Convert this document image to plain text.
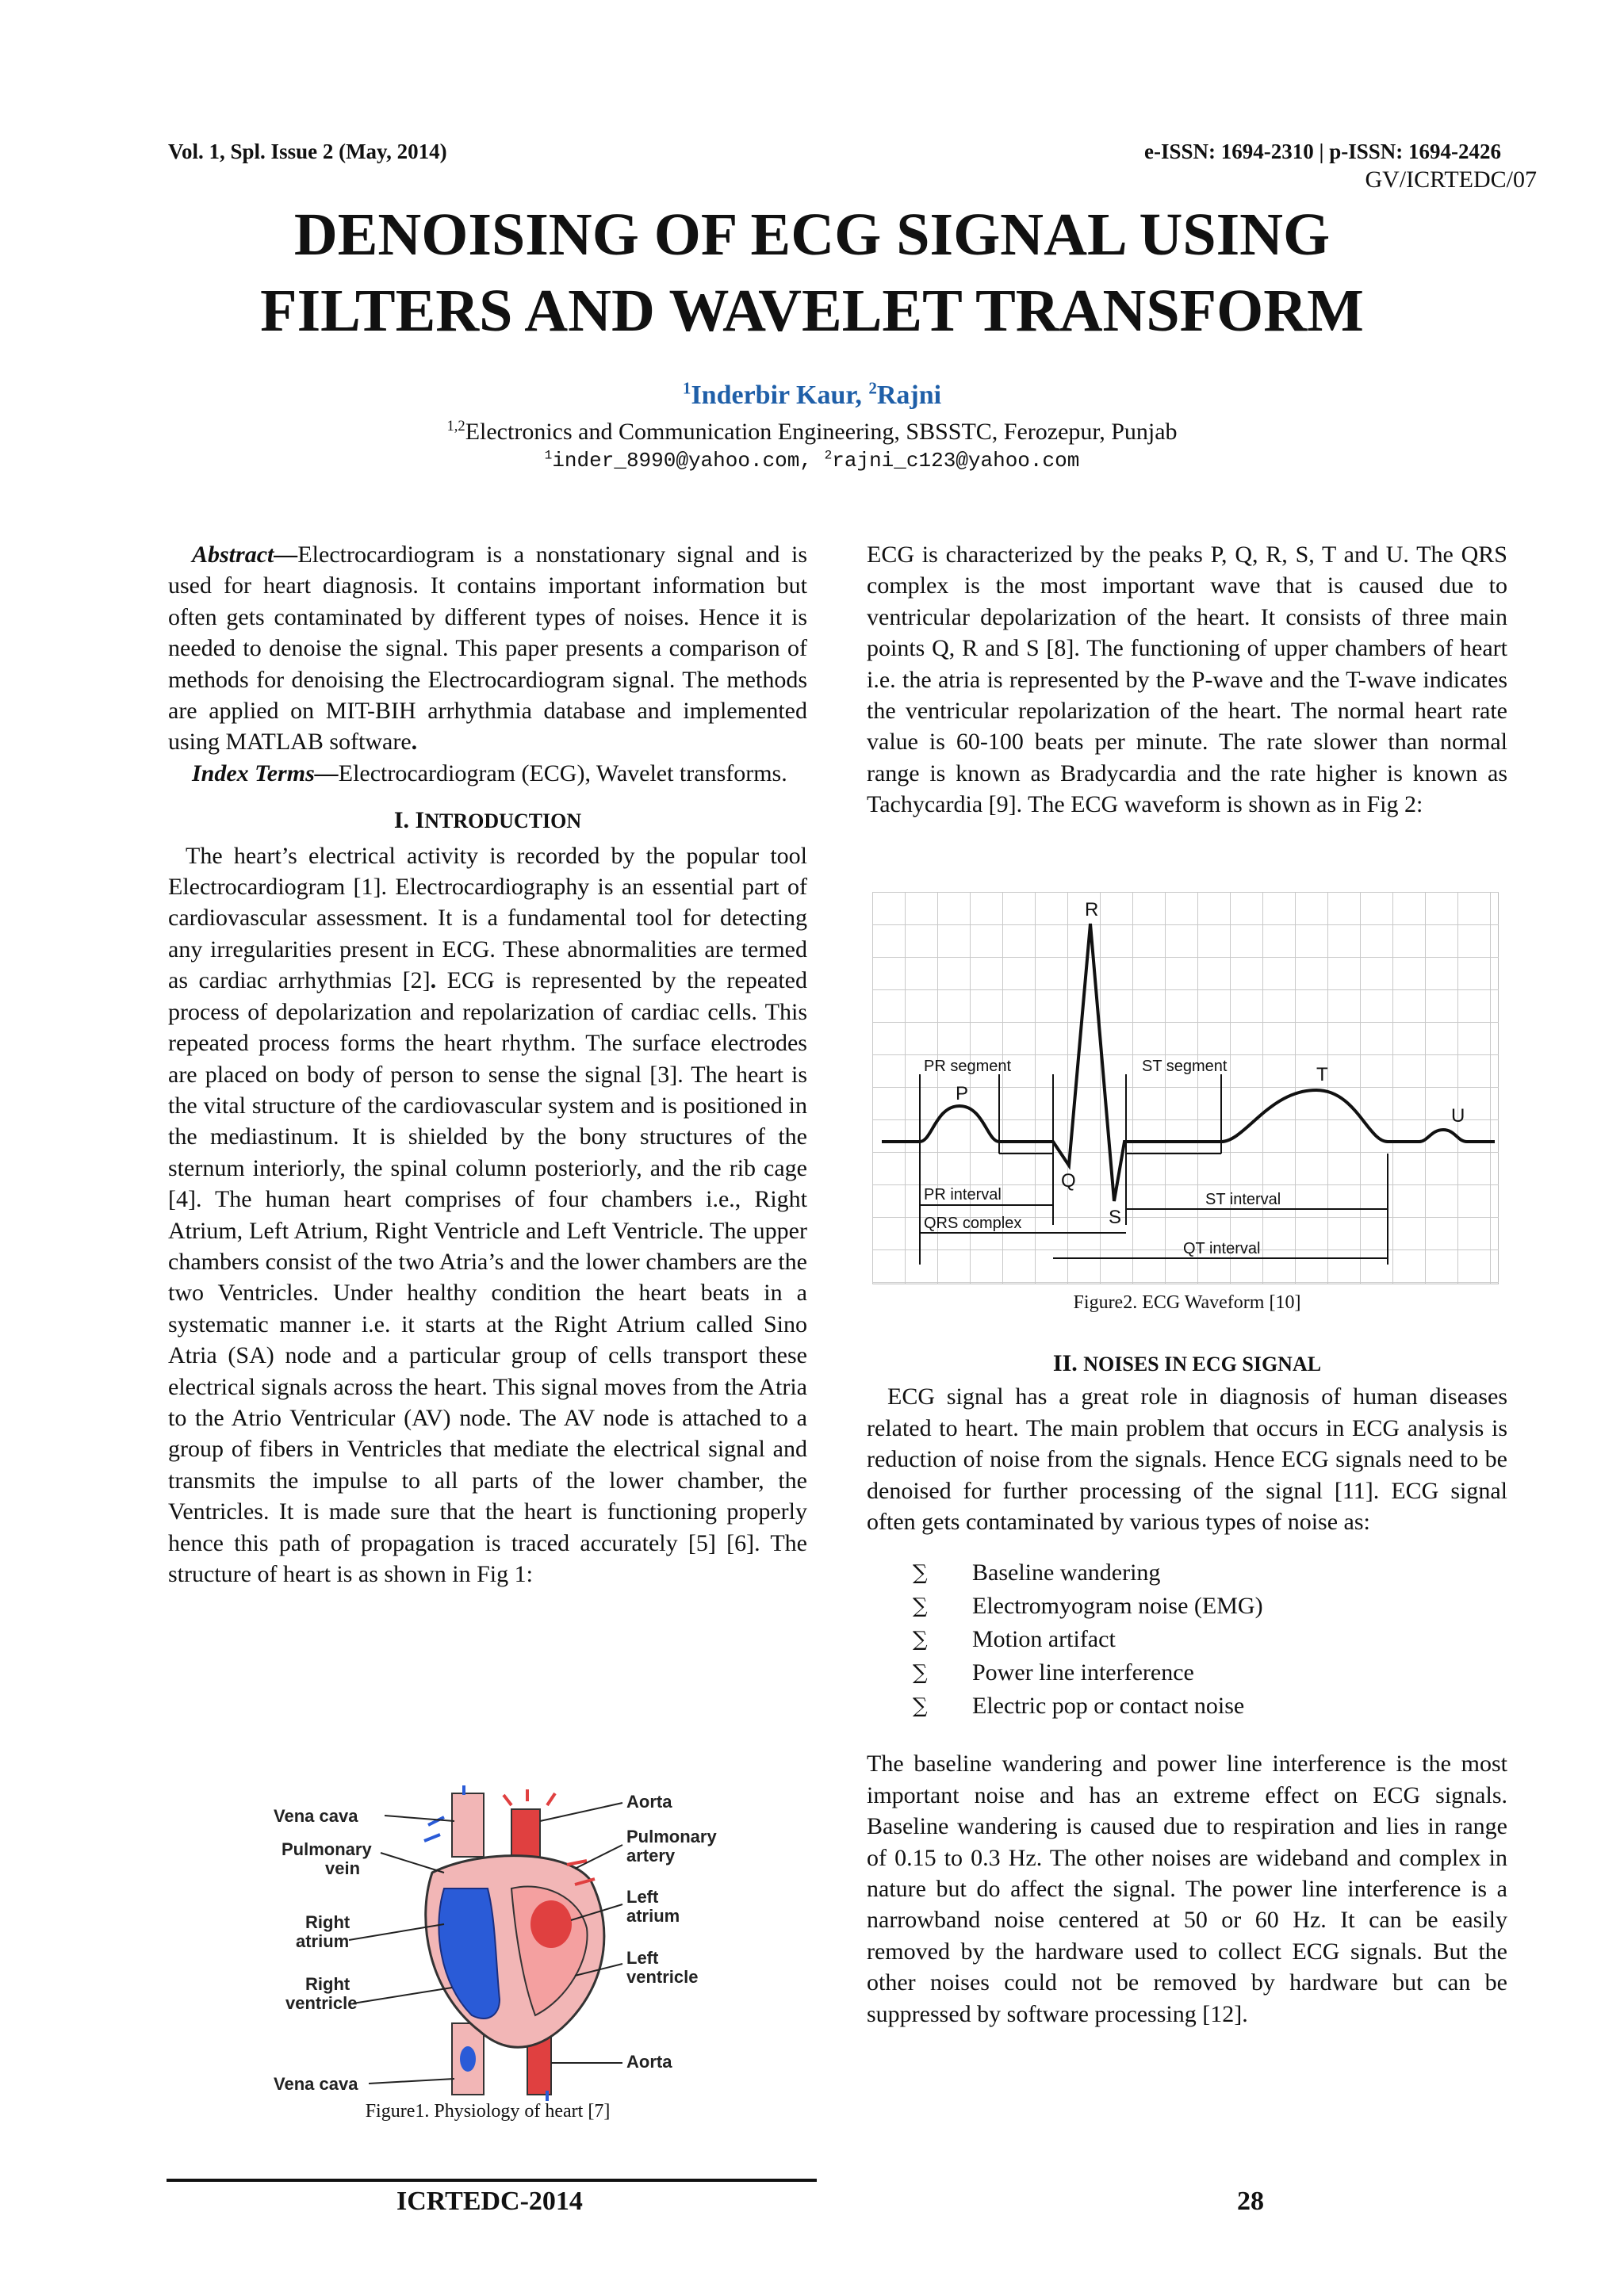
Vol. 1, Spl. Issue 2 (May, 2014)	e-ISSN: 1694-2310 | p-ISSN: 1694-2426
GV/ICRTEDC/07
DENOISING OF ECG SIGNAL USING
FILTERS AND WAVELET TRANSFORM
$^1$Inderbir Kaur, $^2$Rajni
$^{1,2}$Electronics and Communication Engineering, SBSSTC, Ferozepur, Punjab
$^1$inder_8990@yahoo.com, $^2$rajni_c123@yahoo.com

Abstract—Electrocardiogram is a nonstationary signal and is used for heart diagnosis. It contains important information but often gets contaminated by different types of noises. Hence it is needed to denoise the signal. This paper presents a comparison of methods for denoising the Electrocardiogram signal. The methods are applied on MIT-BIH arrhythmia database and implemented using MATLAB software.

Index Terms—Electrocardiogram (ECG), Wavelet transforms.

I. INTRODUCTION

The heart’s electrical activity is recorded by the popular tool Electrocardiogram [1]. Electrocardiography is an essential part of cardiovascular assessment. It is a fundamental tool for detecting any irregularities present in ECG. These abnormalities are termed as cardiac arrhythmias [2]. ECG is represented by the repeated process of depolarization and repolarization of cardiac cells. This repeated process forms the heart rhythm. The surface electrodes are placed on body of person to sense the signal [3]. The heart is the vital structure of the cardiovascular system and is positioned in the mediastinum. It is shielded by the bony structures of the sternum interiorly, the spinal column posteriorly, and the rib cage [4]. The human heart comprises of four chambers i.e., Right Atrium, Left Atrium, Right Ventricle and Left Ventricle. The upper chambers consist of the two Atria’s and the lower chambers are the two Ventricles. Under healthy condition the heart beats in a systematic manner i.e. it starts at the Right Atrium called Sino Atria (SA) node and a particular group of cells transport these electrical signals across the heart. This signal moves from the Atria to the Atrio Ventricular (AV) node. The AV node is attached to a group of fibers in Ventricles that mediate the electrical signal and transmits the impulse to all parts of the lower chamber, the Ventricles. It is made sure that the heart is functioning properly hence this path of propagation is traced accurately [5] [6]. The structure of heart is as shown in Fig 1:

Vena cava
Pulmonary
vein
Right
atrium
Right
ventricle
Vena cava
Aorta
Pulmonary
artery
Left
atrium
Left
ventricle
Aorta
Figure1. Physiology of heart [7]

ECG is characterized by the peaks P, Q, R, S, T and U. The QRS complex is the most important wave that is caused due to ventricular depolarization of the heart. It consists of three main points Q, R and S [8]. The functioning of upper chambers of heart i.e. the atria is represented by the P-wave and the T-wave indicates the ventricular repolarization of the heart. The normal heart rate value is 60-100 beats per minute. The rate slower than normal range is known as Bradycardia and the rate higher is known as Tachycardia [9]. The ECG waveform is shown as in Fig 2:

R
P
Q
S
T
U
PR segment	ST segment
PR interval
QRS complex
ST interval
QT interval
Figure2. ECG Waveform [10]
II. NOISES IN ECG SIGNAL

ECG signal has a great role in diagnosis of human diseases related to heart. The main problem that occurs in ECG analysis is reduction of noise from the signals. Hence ECG signals need to be denoised for further processing of the signal [11]. ECG signal often gets contaminated by various types of noise as:

∑	Baseline wandering
∑	Electromyogram noise (EMG)
∑	Motion artifact
∑	Power line interference
∑	Electric pop or contact noise

The baseline wandering and power line interference is the most important noise and has an extreme effect on ECG signals. Baseline wandering is caused due to respiration and lies in range of 0.15 to 0.3 Hz. The other noises are wideband and complex in nature but do affect the signal. The power line interference is a narrowband noise centered at 50 or 60 Hz. It can be easily removed by the hardware used to collect ECG signals. But the other noises could not be removed by hardware but can be suppressed by software processing [12].

ICRTEDC-2014	28
